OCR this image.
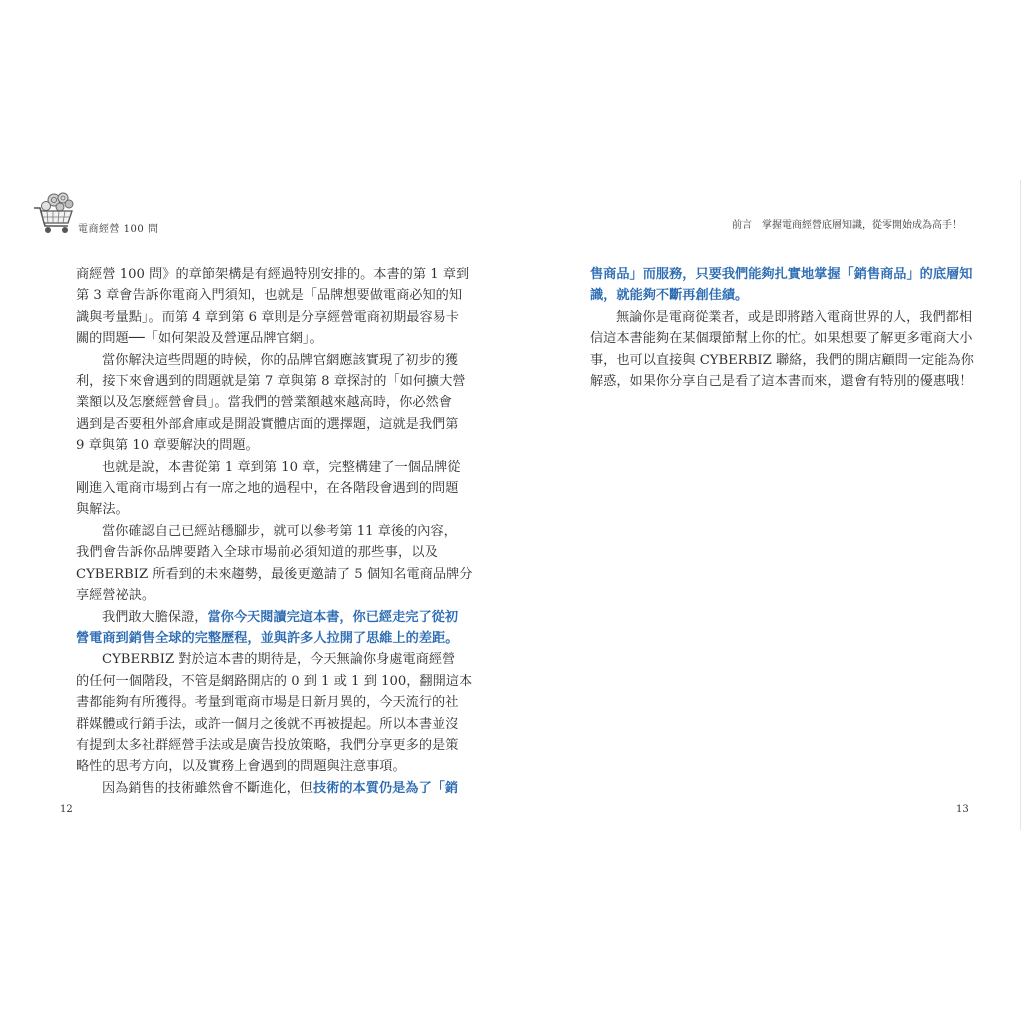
電商經營 100 問	前言 掌握電商經營底層知識，從零開始成為高手！
商經營 100 問》的章節架構是有經過特別安排的。本書的第 1 章到
第 3 章會告訴你電商入門須知，也就是「品牌想要做電商必知的知
識與考量點」。而第 4 章到第 6 章則是分享經營電商初期最容易卡
關的問題──「如何架設及營運品牌官網」。
當你解決這些問題的時候，你的品牌官網應該實現了初步的獲
利，接下來會遇到的問題就是第 7 章與第 8 章探討的「如何擴大營
業額以及怎麼經營會員」。當我們的營業額越來越高時，你必然會
遇到是否要租外部倉庫或是開設實體店面的選擇題，這就是我們第
9 章與第 10 章要解決的問題。
也就是說，本書從第 1 章到第 10 章，完整構建了一個品牌從
剛進入電商市場到占有一席之地的過程中，在各階段會遇到的問題
與解法。
當你確認自己已經站穩腳步，就可以參考第 11 章後的內容，
我們會告訴你品牌要踏入全球市場前必須知道的那些事，以及
CYBERBIZ 所看到的未來趨勢，最後更邀請了 5 個知名電商品牌分
享經營祕訣。
我們敢大膽保證，當你今天閱讀完這本書，你已經走完了從初
營電商到銷售全球的完整歷程，並與許多人拉開了思維上的差距。
CYBERBIZ 對於這本書的期待是，今天無論你身處電商經營
的任何一個階段，不管是網路開店的 0 到 1 或 1 到 100，翻開這本
書都能夠有所獲得。考量到電商市場是日新月異的，今天流行的社
群媒體或行銷手法，或許一個月之後就不再被提起。所以本書並沒
有提到太多社群經營手法或是廣告投放策略，我們分享更多的是策
略性的思考方向，以及實務上會遇到的問題與注意事項。
因為銷售的技術雖然會不斷進化，但技術的本質仍是為了「銷
售商品」而服務，只要我們能夠扎實地掌握「銷售商品」的底層知
識，就能夠不斷再創佳績。
無論你是電商從業者，或是即將踏入電商世界的人，我們都相
信這本書能夠在某個環節幫上你的忙。如果想要了解更多電商大小
事，也可以直接與 CYBERBIZ 聯絡，我們的開店顧問一定能為你
解惑，如果你分享自己是看了這本書而來，還會有特別的優惠哦！
12	13
